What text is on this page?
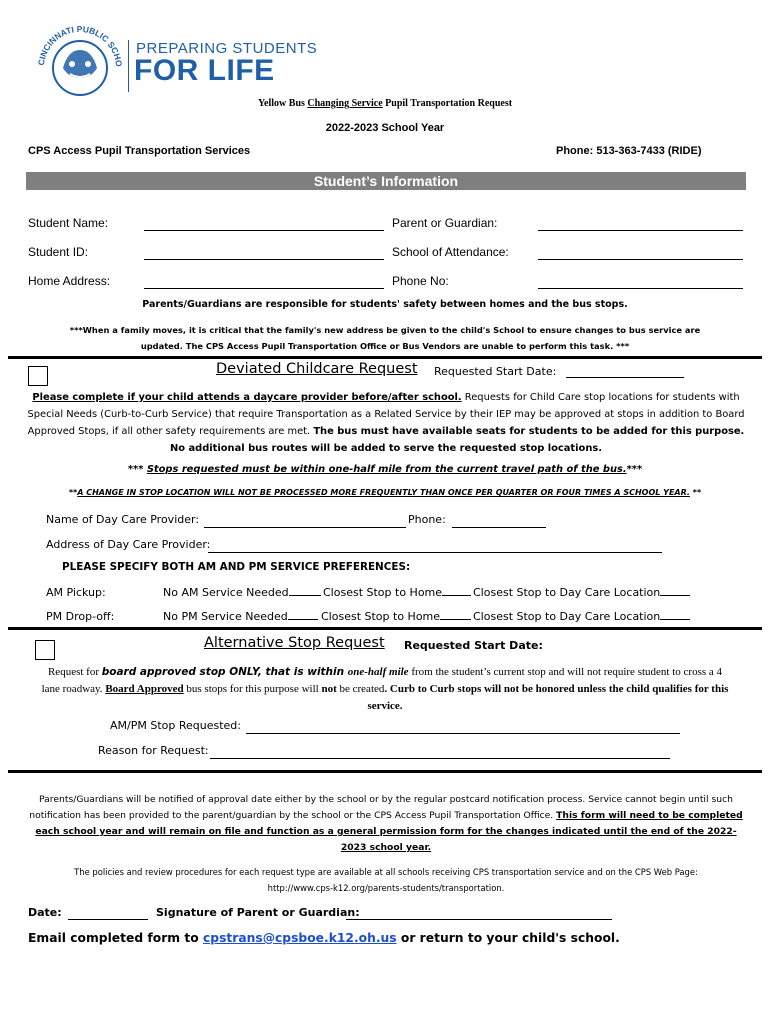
CINCINNATI PUBLIC SCHO
PREPARING STUDENTS
FOR LIFE
Yellow Bus Changing Service Pupil Transportation Request
2022-2023 School Year
CPS Access Pupil Transportation Services	Phone: 513-363-7433 (RIDE)
Student’s Information
Student Name:	Parent or Guardian:
Student ID:	School of Attendance:
Home Address:	Phone No:
Parents/Guardians are responsible for students' safety between homes and the bus stops.
***When a family moves, it is critical that the family's new address be given to the child's School to ensure changes to bus service are updated. The CPS Access Pupil Transportation Office or Bus Vendors are unable to perform this task. ***
Deviated Childcare Request Requested Start Date:
Please complete if your child attends a daycare provider before/after school. Requests for Child Care stop locations for students with Special Needs (Curb-to-Curb Service) that require Transportation as a Related Service by their IEP may be approved at stops in addition to Board Approved Stops, if all other safety requirements are met. The bus must have available seats for students to be added for this purpose. No additional bus routes will be added to serve the requested stop locations.
*** Stops requested must be within one-half mile from the current travel path of the bus.***
**A CHANGE IN STOP LOCATION WILL NOT BE PROCESSED MORE FREQUENTLY THAN ONCE PER QUARTER OR FOUR TIMES A SCHOOL YEAR. **
Name of Day Care Provider:	Phone:
Address of Day Care Provider:
PLEASE SPECIFY BOTH AM AND PM SERVICE PREFERENCES:
AM Pickup:	No AM Service Needed	Closest Stop to Home	Closest Stop to Day Care Location
PM Drop-off:	No PM Service Needed	Closest Stop to Home	Closest Stop to Day Care Location
Alternative Stop Request Requested Start Date:
Request for board approved stop ONLY, that is within one-half mile from the student’s current stop and will not require student to cross a 4 lane roadway. Board Approved bus stops for this purpose will not be created. Curb to Curb stops will not be honored unless the child qualifies for this service.
AM/PM Stop Requested:
Reason for Request:
Parents/Guardians will be notified of approval date either by the school or by the regular postcard notification process. Service cannot begin until such notification has been provided to the parent/guardian by the school or the CPS Access Pupil Transportation Office. This form will need to be completed each school year and will remain on file and function as a general permission form for the changes indicated until the end of the 2022-2023 school year.
The policies and review procedures for each request type are available at all schools receiving CPS transportation service and on the CPS Web Page:
http://www.cps-k12.org/parents-students/transportation.
Date:	Signature of Parent or Guardian:
Email completed form to cpstrans@cpsboe.k12.oh.us or return to your child's school.
